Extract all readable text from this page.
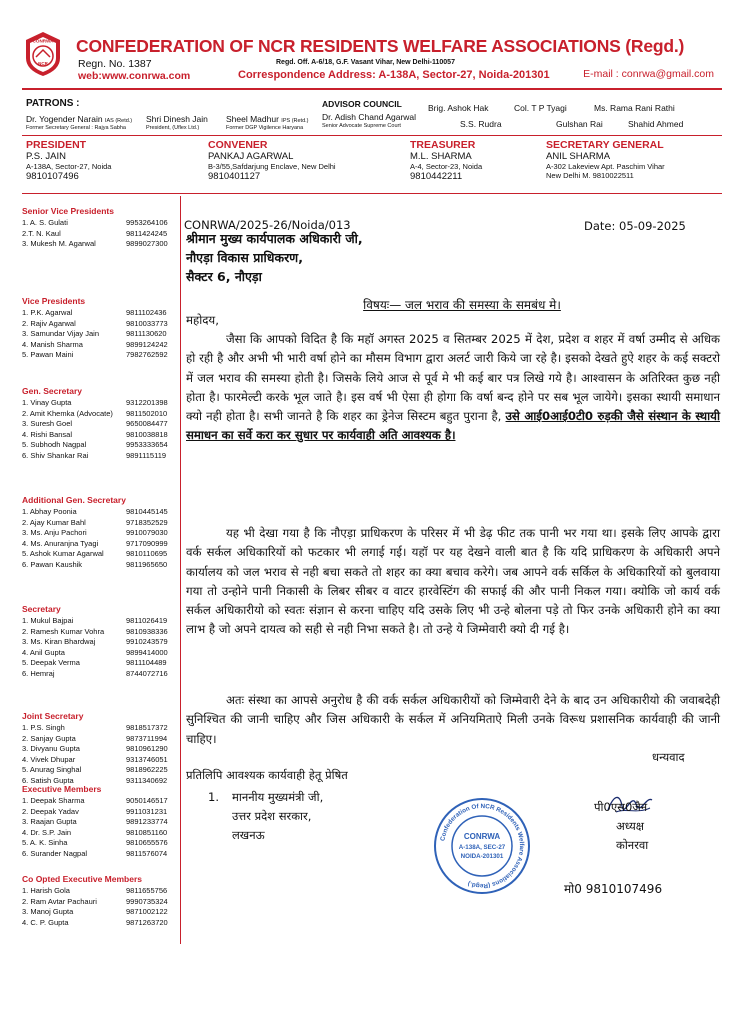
CONRWA
NCR
CONFEDERATION OF NCR RESIDENTS WELFARE ASSOCIATIONS (Regd.)
Regn. No. 1387
web:www.conrwa.com
Regd. Off. A-6/18, G.F. Vasant Vihar, New Delhi-110057
Correspondence Address: A-138A, Sector-27, Noida-201301	E-mail : conrwa@gmail.com
PATRONS :
Dr. Yogender Narain IAS (Retd.)
Former Secretary General : Rajya Sabha
Shri Dinesh Jain
President, (Uflex Ltd.)
Sheel Madhur IPS (Retd.)
Former DGP Vigilence Haryana
ADVISOR COUNCIL
Dr. Adish Chand Agarwal
Senior Advocate Supreme Court
Brig. Ashok Hak	Col. T P Tyagi	Ms. Rama Rani Rathi
S.S. Rudra	Gulshan Rai	Shahid Ahmed
PRESIDENT
P.S. JAIN
A-138A, Sector-27, Noida
9810107496
CONVENER
PANKAJ AGARWAL
B-3/55,Safdarjung Enclave, New Delhi
9810401127
TREASURER
M.L. SHARMA
A-4, Sector-23, Noida
9810442211
SECRETARY GENERAL
ANIL SHARMA
A-302 Lakeview Apt. Paschim Vihar
New Delhi M. 9810022511
Senior Vice Presidents
1. A. S. Gulati	9953264106
2.T. N. Kaul	9811424245
3. Mukesh M. Agarwal	9899027300
Vice Presidents
1. P.K. Agarwal	9811102436
2. Rajiv Agarwal	9810033773
3. Samundar Vijay Jain	9811130620
4. Manish Sharma	9899124242
5. Pawan Maini	7982762592
Gen. Secretary
1. Vinay Gupta	9312201398
2. Amit Khemka (Advocate) 9811502010
3. Suresh Goel	9650084477
4. Rishi Bansal	9810038818
5. Subhodh Nagpal	9953333654
6. Shiv Shankar Rai	9891115119
Additional Gen. Secretary
1. Abhay Poonia	9810445145
2. Ajay Kumar Bahl	9718352529
3. Ms. Anju Pachori	9910079030
4. Ms. Anuranjna Tyagi	9717090999
5. Ashok Kumar Agarwal	9810110695
6. Pawan Kaushik	9811965650
Secretary
1. Mukul Bajpai	9811026419
2. Ramesh Kumar Vohra	9810938336
3. Ms. Kiran Bhardwaj	9910243579
4. Anil Gupta	9899414000
5. Deepak Verma	9811104489
6. Hemraj	8744072716
Joint Secretary
1. P.S. Singh	9818517372
2. Sanjay Gupta	9873711994
3. Divyanu Gupta	9810961290
4. Vivek Dhupar	9313746051
5. Anurag Singhal	9818962225
6. Satish Gupta	9311340692
Executive Members
1. Deepak Sharma	9050146517
2. Deepak Yadav	9911031231
3. Raajan Gupta	9891233774
4. Dr. S.P. Jain	9810851160
5. A. K. Sinha	9810655576
6. Surander Nagpal	9811576074
Co Opted Executive Members
1. Harish Gola	9811655756
2. Ram Avtar Pachauri	9990735324
3. Manoj Gupta	9871002122
4. C. P. Gupta	9871263720
CONRWA/2025-26/Noida/013	Date: 05-09-2025
श्रीमान मुख्य कार्यपालक अधिकारी जी,
नौएड़ा विकास प्राधिकरण,
सैक्टर 6, नौएड़ा
विषयः— जल भराव की समस्या के समबंध मे।
महोदय,
जैसा कि आपको विदित है कि महॉ अगस्त 2025 व सितम्बर 2025 में देश, प्रदेश व शहर में वर्षा उम्मीद से अधिक हो रही है और अभी भी भारी वर्षा होने का मौसम विभाग द्वारा अलर्ट जारी किये जा रहे है। इसको देखते हुऐ शहर के कई सक्टरो में जल भराव की समस्या होती है। जिसके लिये आज से पूर्व मे भी कई बार पत्र लिखे गये है। आश्वासन के अतिरिक्त कुछ नही होता है। फारमेल्टी करके भूल जाते है। इस वर्ष भी ऐसा ही होगा कि वर्षा बन्द होने पर सब भूल जायेगे। इसका स्थायी समाधान क्यो नही होता है। सभी जानते है कि शहर का ड्रेनेज सिस्टम बहुत पुराना है, उसे आई0आई0टी0 रुड़की जैसे संस्थान के स्थायी समाधन का सर्वे करा कर सुधार पर कार्यवाही अति आवश्यक है।
यह भी देखा गया है कि नौएड़ा प्राधिकरण के परिसर में भी डेढ़ फीट तक पानी भर गया था। इसके लिए आपके द्वारा वर्क सर्कल अधिकारियों को फटकार भी लगाई गई। यहॉ पर यह देखने वाली बात है कि यदि प्राधिकरण के अधिकारी अपने कार्यालय को जल भराव से नही बचा सकते तो शहर का क्या बचाव करेगे। जब आपने वर्क सर्किल के अधिकारियों को बुलवाया गया तो उन्होने पानी निकासी के लिबर सीबर व वाटर हारवेस्टिंग की सफाई की और पानी निकल गया। क्योकि जो कार्य वर्क सर्कल अधिकारीयो को स्वतः संज्ञान से करना चाहिए यदि उसके लिए भी उन्हे बोलना पड़े तो फिर उनके अधिकारी होने का क्या लाभ है जो अपने दायत्व को सही से नही निभा सकते है। तो उन्हे ये जिम्मेवारी क्यो दी गई है।
अतः संस्था का आपसे अनुरोध है की वर्क सर्कल अधिकारीयों को जिम्मेवारी देने के बाद उन अधिकारीयो की जवाबदेही सुनिश्चित की जानी चाहिए और जिस अधिकारी के सर्कल में अनियमिताऐ मिली उनके विरूध प्रशासनिक कार्यवाही की जानी चाहिए।
धन्यवाद
प्रतिलिपि आवश्यक कार्यवाही हेतू प्रेषित
1. माननीय मुख्यमंत्री जी,
उत्तर प्रदेश सरकार,
लखनऊ	Confederation Of NCR Residents Welfare Associations (Regd.)
CONRWA
A-138A, SEC-27
NOIDA-201301
पी0एस0जैन
अध्यक्ष
कोनरवा
मो0 9810107496
